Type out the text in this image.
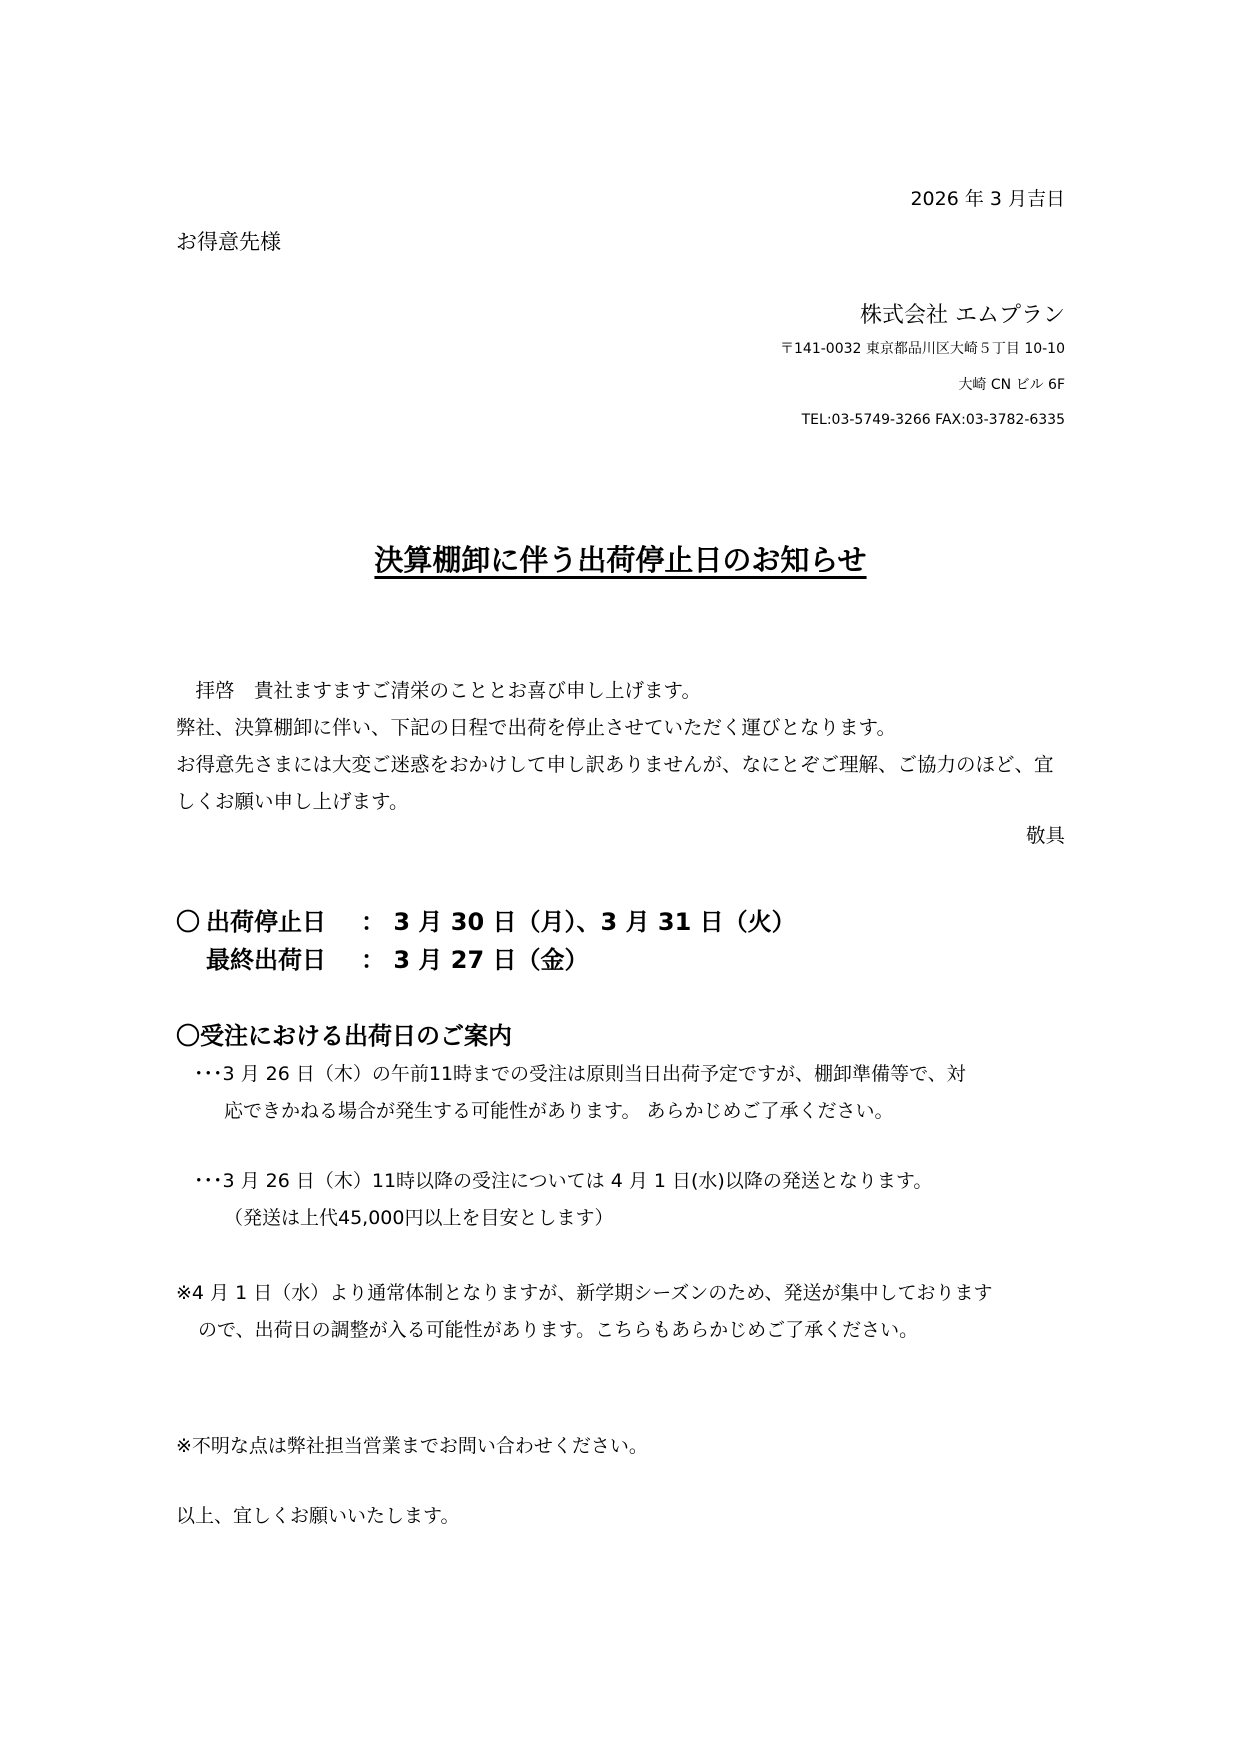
2026 年 3 月吉日
お得意先様
株式会社 エムプラン
〒141-0032 東京都品川区大崎５丁目 10-10
大崎 CN ビル 6F
TEL:03-5749-3266 FAX:03-3782-6335
決算棚卸に伴う出荷停止日のお知らせ

　拝啓　貴社ますますご清栄のこととお喜び申し上げます。

弊社、決算棚卸に伴い、下記の日程で出荷を停止させていただく運びとなります。

お得意先さまには大変ご迷惑をおかけして申し訳ありませんが、なにとぞご理解、ご協力のほど、宜しくお願い申し上げます。

敬具
〇 出荷停止日 ： 3 月 30 日（月）、3 月 31 日（火）
最終出荷日 ： 3 月 27 日（金）
〇受注における出荷日のご案内
･･･3 月 26 日（木）の午前11時までの受注は原則当日出荷予定ですが、棚卸準備等で、対
応できかねる場合が発生する可能性があります。 あらかじめご了承ください。
･･･3 月 26 日（木）11時以降の受注については 4 月 1 日(水)以降の発送となります。
（発送は上代45,000円以上を目安とします）
※4 月 1 日（水）より通常体制となりますが、新学期シーズンのため、発送が集中しております
ので、出荷日の調整が入る可能性があります。こちらもあらかじめご了承ください。
※不明な点は弊社担当営業までお問い合わせください。
以上、宜しくお願いいたします。
